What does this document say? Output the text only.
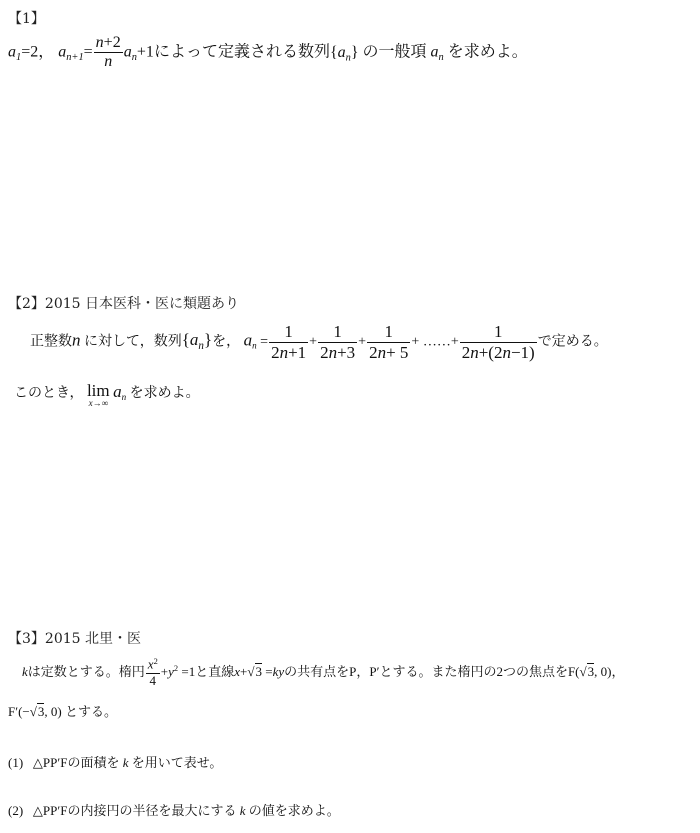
【1】
$a_1=2$， $a_{n+1}= \frac{n+2}{n} a_n+1$によって定義される数列$\{a_n\}$ の一般項 $a_n$ を求めよ。
【2】2015 日本医科・医に類題あり
正整数n に対して，数列$\{a_n\}$を， $a_n = \frac{1}{2n+1} + \frac{1}{2n+3} + \frac{1}{2n+ 5}$ + ……+ $\frac{1}{2n+(2n-1)}$ で定める。
このとき， lim
x→∞
$a_n$ を求めよ。
【3】2015 北里・医
kは定数とする。楕円 $\frac{x^2}{4} +y^2 =1$と直線x+√3 =kyの共有点をP，P′とする。また楕円の2つの焦点をF(√3, 0)，
F′(−√3, 0) とする。
(1) △PP′Fの面積を k を用いて表せ。
(2) △PP′Fの内接円の半径を最大にする k の値を求めよ。
